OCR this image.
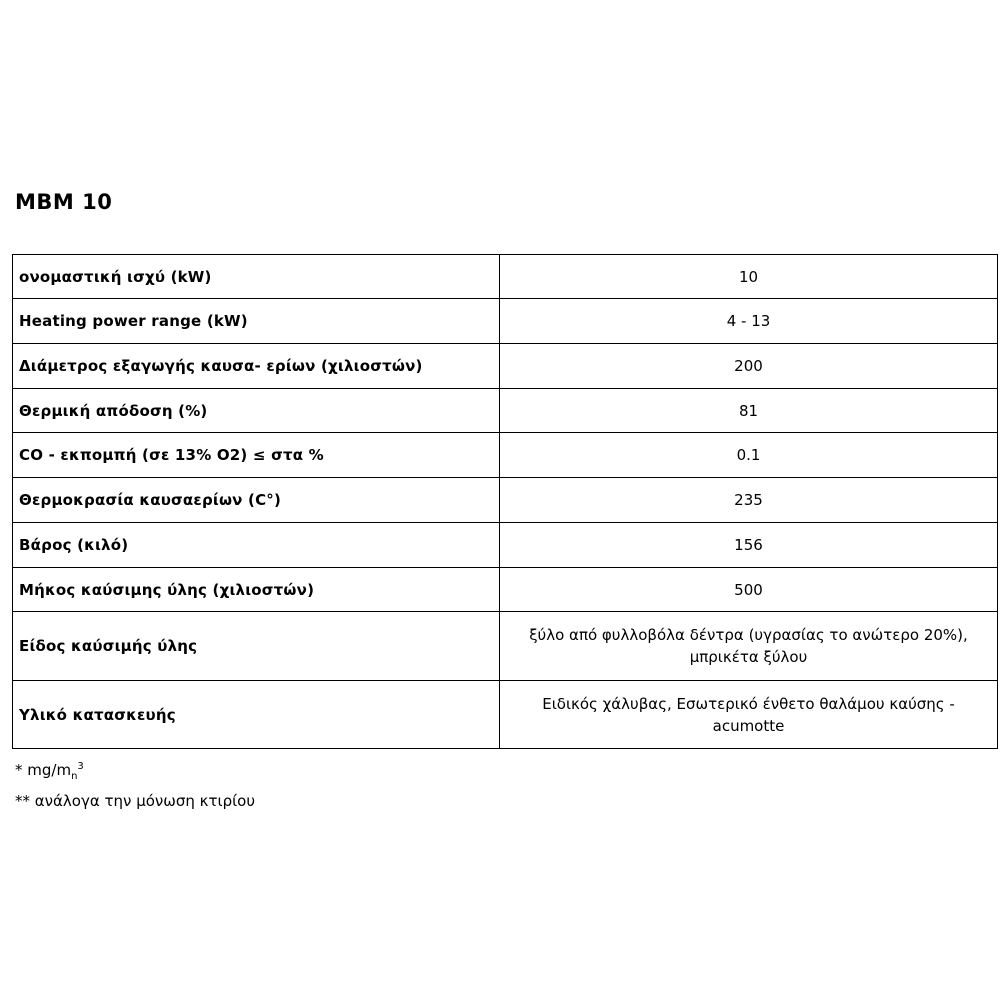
MBM 10
ονομαστική ισχύ (kW)	10
Heating power range (kW)	4 - 13
Διάμετρος εξαγωγής καυσα- ερίων (χιλιοστών)	200
Θερμική απόδοση (%)	81
CO - εκπομπή (σε 13% O2) ≤ στα %	0.1
Θερμοκρασία καυσαερίων (C°)	235
Βάρος (κιλό)	156
Μήκος καύσιμης ύλης (χιλιοστών)	500
Είδος καύσιμής ύλης	ξύλο από φυλλοβόλα δέντρα (υγρασίας το ανώτερο 20%),
μπρικέτα ξύλου
Υλικό κατασκευής	Ειδικός χάλυβας, Εσωτερικό ένθετο θαλάμου καύσης -
acumotte
* $mg/m_n^3$
** ανάλογα την μόνωση κτιρίου
